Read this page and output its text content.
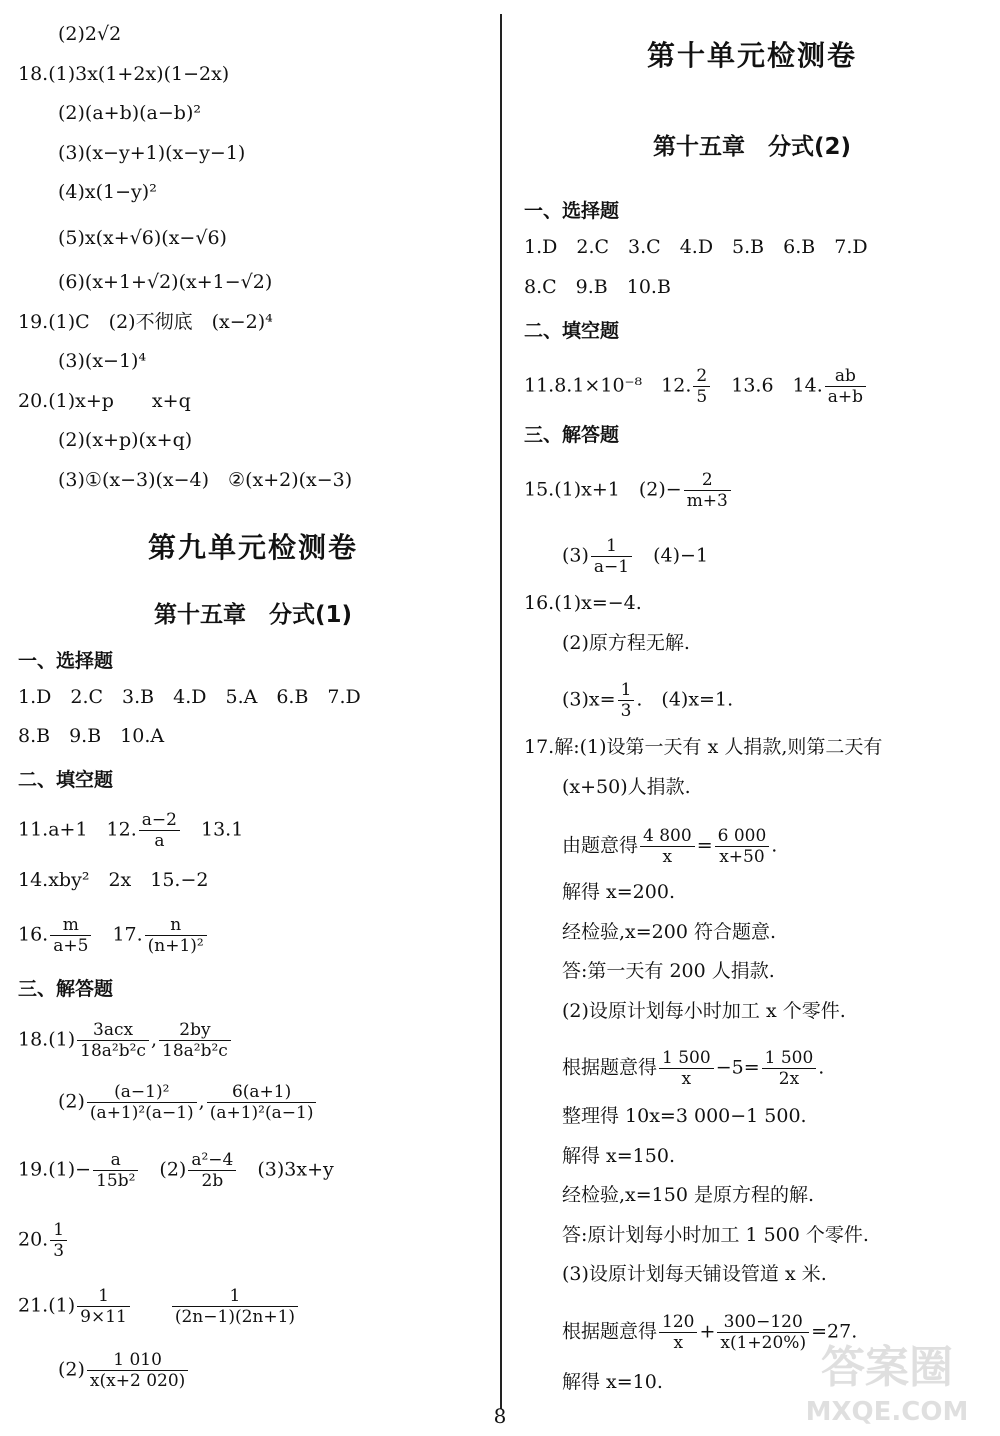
(2)2√2
18.(1)3x(1+2x)(1−2x)
(2)(a+b)(a−b)²
(3)(x−y+1)(x−y−1)
(4)x(1−y)²
(5)x(x+√6)(x−√6)
(6)(x+1+√2)(x+1−√2)
19.(1)C　(2)不彻底　(x−2)⁴
(3)(x−1)⁴
20.(1)x+p　　x+q
(2)(x+p)(x+q)
(3)①(x−3)(x−4)　②(x+2)(x−3)
第九单元检测卷
第十五章　分式(1)
一、选择题
1.D　2.C　3.B　4.D　5.A　6.B　7.D
8.B　9.B　10.A
二、填空题
11.a+1　12. $\frac{a-2}{a}$
　 13.1
14.xby²　2x　15.−2
16. $\frac{m}{a+5}$
　 17. $\frac{n}{\text{(n+1)²}}$
三、解答题
$18.(1) \frac{\text{3acx}}{\text{18a²b²c}}$ , $\frac{2by}{\text{18a²b²c}}$
$(2) \frac{\text{(a−1)²}}{\text{(a+1)²(a−1)}}$ , $\frac{6(a+1)}{\text{(a+1)²(a−1)}}$
$19.(1)- \frac{a}{\text{15b²}}$
　 $(2) \frac{\text{a²−4}}{2b}$
　 (3)3x+y
20. $\frac{1}{3}$
$21.(1) \frac{1}{9\times 11}$
　　 $\frac{1}{(2n-1)(2n+1)}$
$(2) \frac{1 010}{x(x+2 020)}$
第十单元检测卷
第十五章　分式(2)
一、选择题
1.D　2.C　3.C　4.D　5.B　6.B　7.D
8.C　9.B　10.B
二、填空题
11.8.1×10⁻⁸　12. $\frac{2}{5}$
　 13.6　14. $\frac{ab}{a+b}$
三、解答题
15.(1)x+1　$(2)- \frac{2}{m+3}$
$(3) \frac{1}{a-1}$
　 (4)−1
16.(1)x=−4.
(2)原方程无解.
$(3)x= \frac{1}{3}$ .　(4)x=1.
17.解:(1)设第一天有 x 人捐款,则第二天有
(x+50)人捐款.
由题意得 $\frac{4 800}{x} = \frac{6 000}{x+50}$ .
解得 x=200.
经检验,x=200 符合题意.
答:第一天有 200 人捐款.
(2)设原计划每小时加工 x 个零件.
根据题意得 $\frac{1 500}{x} -5= \frac{1 500}{2x}$ .
整理得 10x=3 000−1 500.
解得 x=150.
经检验,x=150 是原方程的解.
答:原计划每小时加工 1 500 个零件.
(3)设原计划每天铺设管道 x 米.
根据题意得 $\frac{120}{x} + \frac{300-120}{x(1+20\%)} =27$.
解得 x=10.
8
答案圈
MXQE.COM
